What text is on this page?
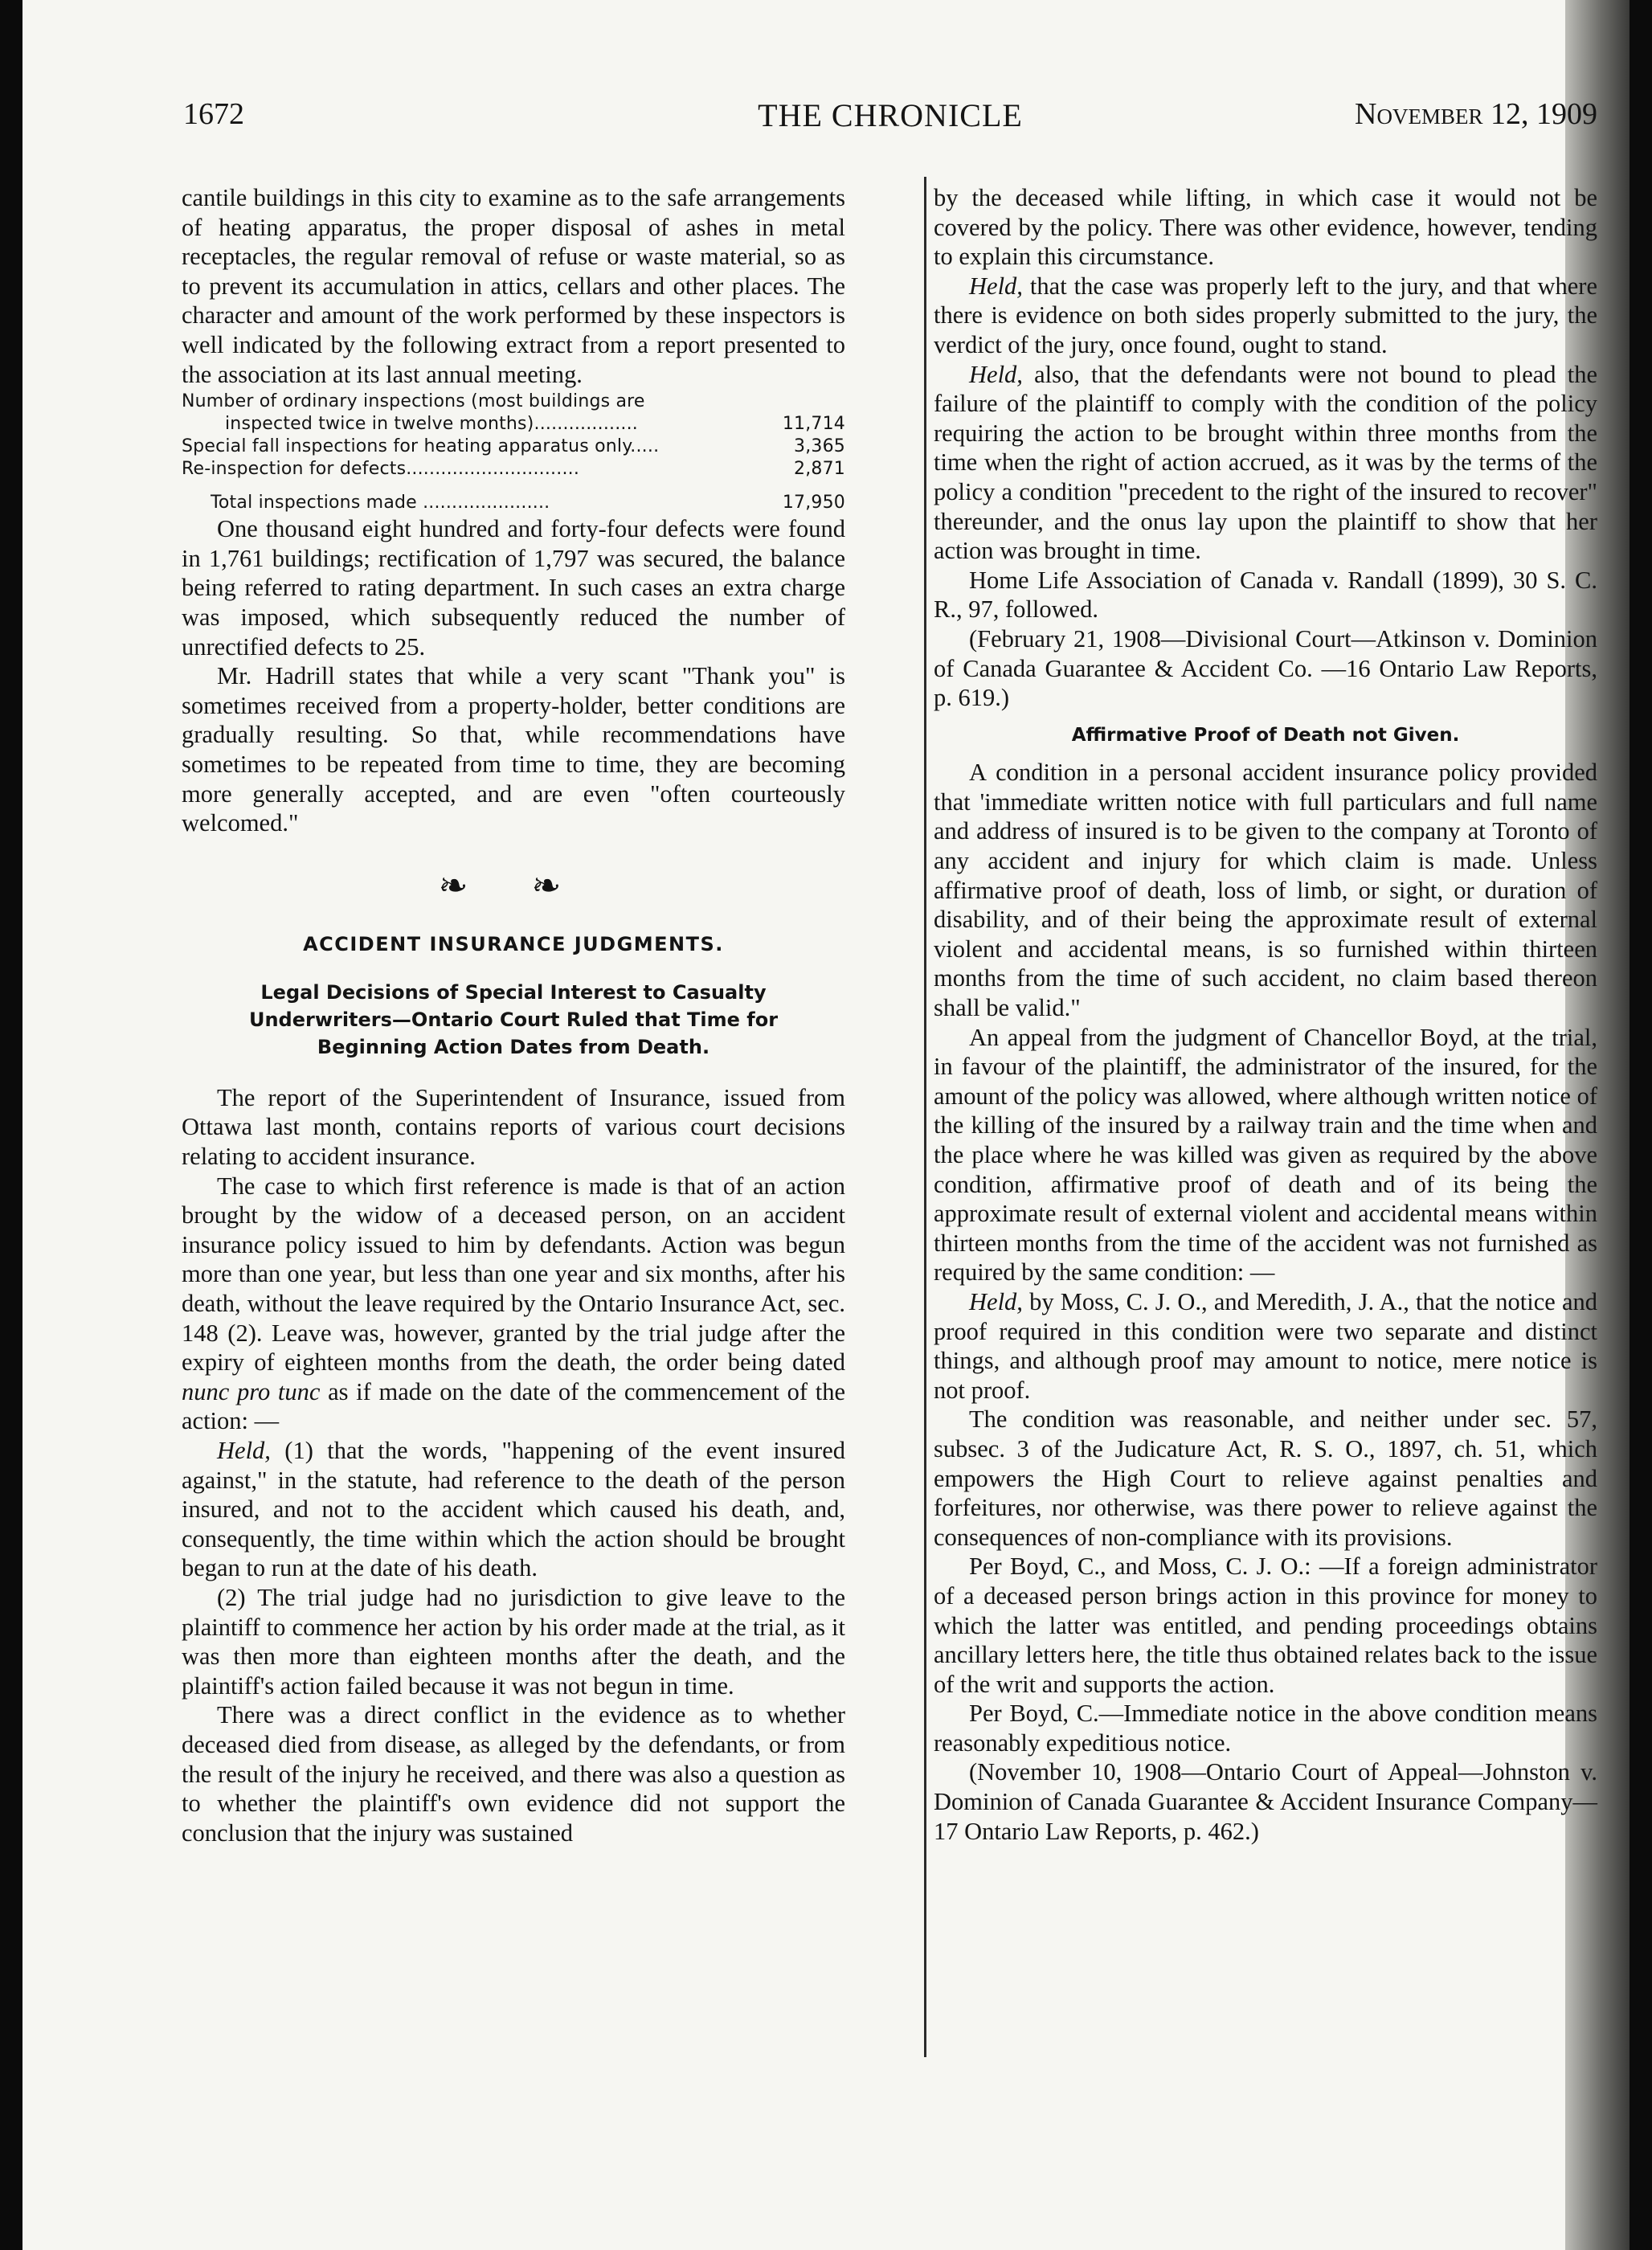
1672	THE CHRONICLE	November 12, 1909

cantile buildings in this city to examine as to the safe arrangements of heating apparatus, the proper disposal of ashes in metal receptacles, the regular removal of refuse or waste material, so as to prevent its accumulation in attics, cellars and other places. The character and amount of the work performed by these inspectors is well indicated by the following extract from a report presented to the association at its last annual meeting.

Number of ordinary inspections (most buildings are
inspected twice in twelve months)..................	11,714
Special fall inspections for heating apparatus only.....	3,365
Re-inspection for defects..............................	2,871
Total inspections made ......................	17,950

One thousand eight hundred and forty-four defects were found in 1,761 buildings; rectification of 1,797 was secured, the balance being referred to rating department. In such cases an extra charge was imposed, which subsequently reduced the number of unrectified defects to 25.

Mr. Hadrill states that while a very scant "Thank you" is sometimes received from a property-holder, better conditions are gradually resulting. So that, while recommendations have sometimes to be repeated from time to time, they are becoming more generally accepted, and are even "often courteously welcomed."

❧ ❧
ACCIDENT INSURANCE JUDGMENTS.
Legal Decisions of Special Interest to Casualty Underwriters—Ontario Court Ruled that Time for Beginning Action Dates from Death.

The report of the Superintendent of Insurance, issued from Ottawa last month, contains reports of various court decisions relating to accident insurance.

The case to which first reference is made is that of an action brought by the widow of a deceased person, on an accident insurance policy issued to him by defendants. Action was begun more than one year, but less than one year and six months, after his death, without the leave required by the Ontario Insurance Act, sec. 148 (2). Leave was, however, granted by the trial judge after the expiry of eighteen months from the death, the order being dated nunc pro tunc as if made on the date of the commencement of the action: —

Held, (1) that the words, "happening of the event insured against," in the statute, had reference to the death of the person insured, and not to the accident which caused his death, and, consequently, the time within which the action should be brought began to run at the date of his death.

(2) The trial judge had no jurisdiction to give leave to the plaintiff to commence her action by his order made at the trial, as it was then more than eighteen months after the death, and the plaintiff's action failed because it was not begun in time.

There was a direct conflict in the evidence as to whether deceased died from disease, as alleged by the defendants, or from the result of the injury he received, and there was also a question as to whether the plaintiff's own evidence did not support the conclusion that the injury was sustained

by the deceased while lifting, in which case it would not be covered by the policy. There was other evidence, however, tending to explain this circumstance.

Held, that the case was properly left to the jury, and that where there is evidence on both sides properly submitted to the jury, the verdict of the jury, once found, ought to stand.

Held, also, that the defendants were not bound to plead the failure of the plaintiff to comply with the condition of the policy requiring the action to be brought within three months from the time when the right of action accrued, as it was by the terms of the policy a condition "precedent to the right of the insured to recover" thereunder, and the onus lay upon the plaintiff to show that her action was brought in time.

Home Life Association of Canada v. Randall (1899), 30 S. C. R., 97, followed.

(February 21, 1908—Divisional Court—Atkinson v. Dominion of Canada Guarantee & Accident Co. —16 Ontario Law Reports, p. 619.)

Affirmative Proof of Death not Given.

A condition in a personal accident insurance policy provided that 'immediate written notice with full particulars and full name and address of insured is to be given to the company at Toronto of any accident and injury for which claim is made. Unless affirmative proof of death, loss of limb, or sight, or duration of disability, and of their being the approximate result of external violent and accidental means, is so furnished within thirteen months from the time of such accident, no claim based thereon shall be valid."

An appeal from the judgment of Chancellor Boyd, at the trial, in favour of the plaintiff, the administrator of the insured, for the amount of the policy was allowed, where although written notice of the killing of the insured by a railway train and the time when and the place where he was killed was given as required by the above condition, affirmative proof of death and of its being the approximate result of external violent and accidental means within thirteen months from the time of the accident was not furnished as required by the same condition: —

Held, by Moss, C. J. O., and Meredith, J. A., that the notice and proof required in this condition were two separate and distinct things, and although proof may amount to notice, mere notice is not proof.

The condition was reasonable, and neither under sec. 57, subsec. 3 of the Judicature Act, R. S. O., 1897, ch. 51, which empowers the High Court to relieve against penalties and forfeitures, nor otherwise, was there power to relieve against the consequences of non-compliance with its provisions.

Per Boyd, C., and Moss, C. J. O.: —If a foreign administrator of a deceased person brings action in this province for money to which the latter was entitled, and pending proceedings obtains ancillary letters here, the title thus obtained relates back to the issue of the writ and supports the action.

Per Boyd, C.—Immediate notice in the above condition means reasonably expeditious notice.

(November 10, 1908—Ontario Court of Appeal—Johnston v. Dominion of Canada Guarantee & Accident Insurance Company—17 Ontario Law Reports, p. 462.)
